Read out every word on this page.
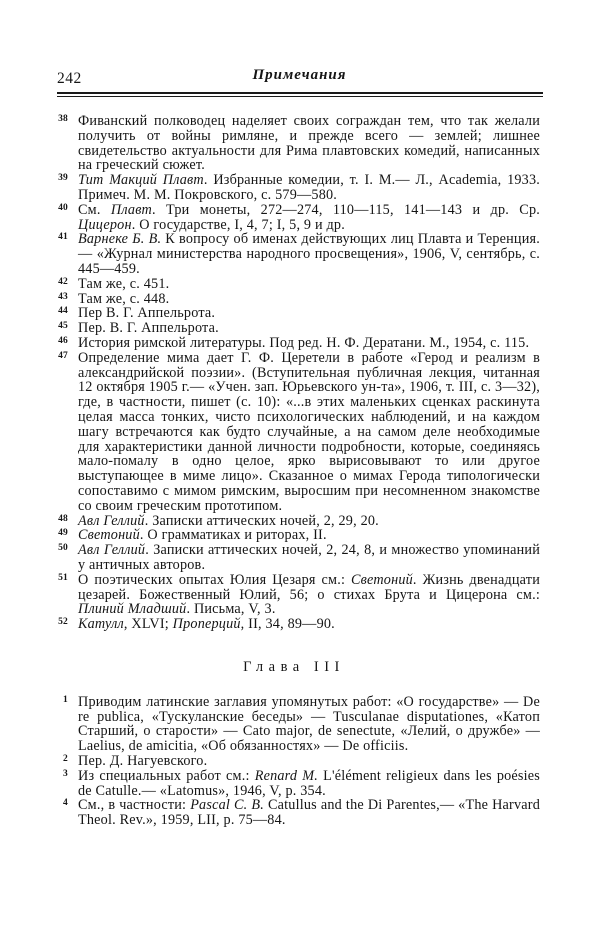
242	Примечания
38 Фиванский полководец наделяет своих сограждан тем, что так желали получить от войны римляне, и прежде всего — землей; лишнее свидетельство актуальности для Рима плавтовских комедий, написанных на греческий сюжет.
39 Тит Макций Плавт. Избранные комедии, т. I. М.— Л., Academia, 1933. Примеч. М. М. Покровского, с. 579—580.
40 См. Плавт. Три монеты, 272—274, 110—115, 141—143 и др. Ср. Цицерон. О государстве, I, 4, 7; I, 5, 9 и др.
41 Варнеке Б. В. К вопросу об именах действующих лиц Плавта и Теренция.— «Журнал министерства народного просвещения», 1906, V, сентябрь, с. 445—459.
42 Там же, с. 451.
43 Там же, с. 448.
44 Пер В. Г. Аппельрота.
45 Пер. В. Г. Аппельрота.
46 История римской литературы. Под ред. Н. Ф. Дератани. М., 1954, с. 115.
47 Определение мима дает Г. Ф. Церетели в работе «Герод и реализм в александрийской поэзии». (Вступительная публичная лекция, читанная 12 октября 1905 г.— «Учен. зап. Юрьевского ун-та», 1906, т. III, с. 3—32), где, в частности, пишет (с. 10): «...в этих маленьких сценках раскинута целая масса тонких, чисто психологических наблюдений, и на каждом шагу встречаются как будто случайные, а на самом деле необходимые для характеристики данной личности подробности, которые, соединяясь мало-помалу в одно целое, ярко вырисовывают то или другое выступающее в миме лицо». Сказанное о мимах Герода типологически сопоставимо с мимом римским, выросшим при несомненном знакомстве со своим греческим прототипом.
48 Авл Геллий. Записки аттических ночей, 2, 29, 20.
49 Светоний. О грамматиках и риторах, II.
50 Авл Геллий. Записки аттических ночей, 2, 24, 8, и множество упоминаний у античных авторов.
51 О поэтических опытах Юлия Цезаря см.: Светоний. Жизнь двенадцати цезарей. Божественный Юлий, 56; о стихах Брута и Цицерона см.: Плиний Младший. Письма, V, 3.
52 Катулл, XLVI; Проперций, II, 34, 89—90.
Глава III
1 Приводим латинские заглавия упомянутых работ: «О государстве» — De re publica, «Тускуланские беседы» — Tusculanae disputationes, «Катоп Старший, о старости» — Cato major, de senectute, «Лелий, о дружбе» — Laelius, de amicitia, «Об обязанностях» — De officiis.
2 Пер. Д. Нагуевского.
3 Из специальных работ см.: Renard M. L'élément religieux dans les poésies de Catulle.— «Latomus», 1946, V, p. 354.
4 См., в частности: Pascal C. B. Catullus and the Di Parentes,— «The Harvard Theol. Rev.», 1959, LII, p. 75—84.
